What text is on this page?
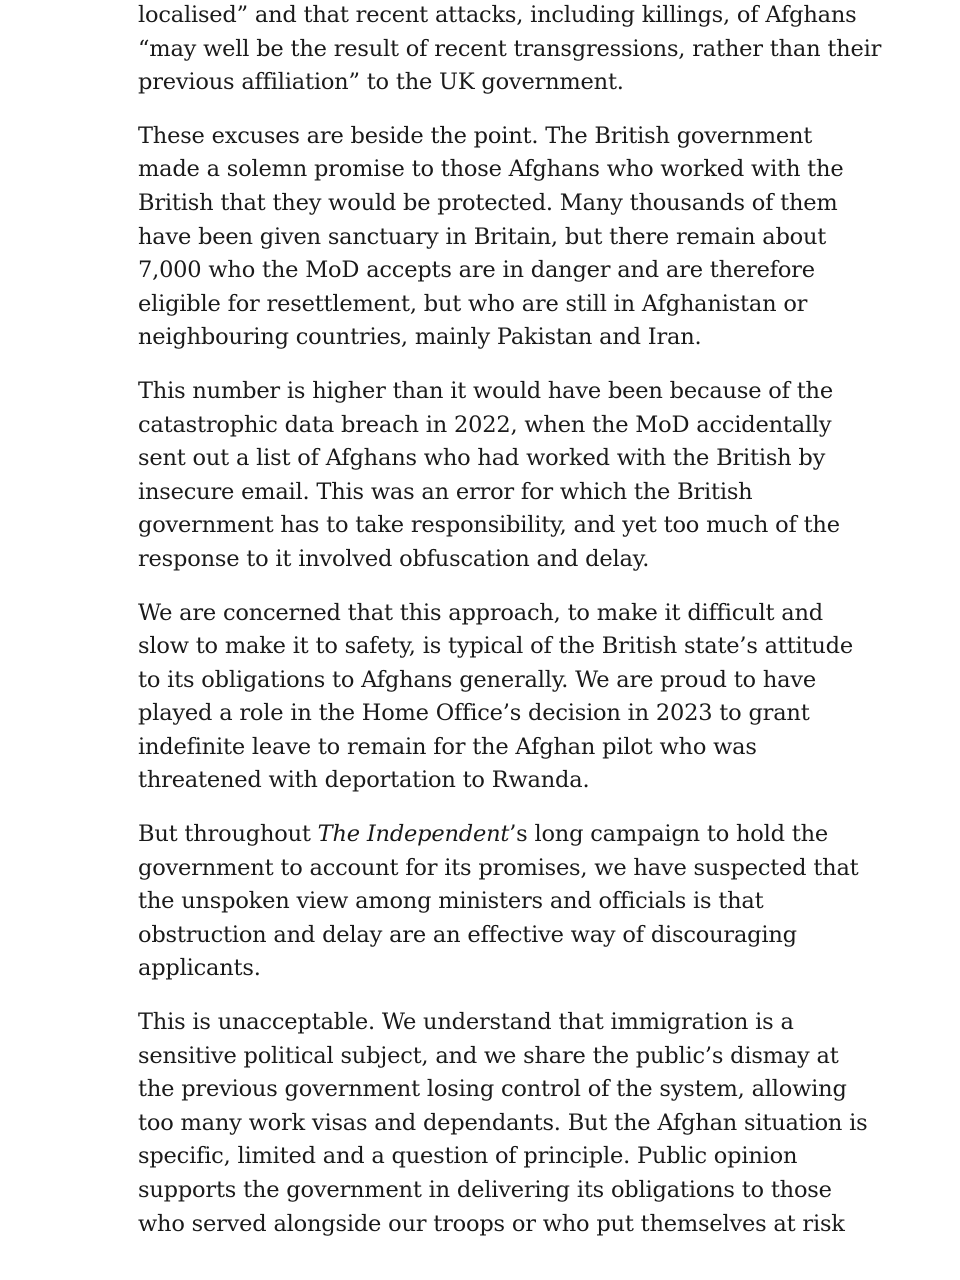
localised” and that recent attacks, including killings, of Afghans
“may well be the result of recent transgressions, rather than their
previous affiliation” to the UK government.

These excuses are beside the point. The British government
made a solemn promise to those Afghans who worked with the
British that they would be protected. Many thousands of them
have been given sanctuary in Britain, but there remain about
7,000 who the MoD accepts are in danger and are therefore
eligible for resettlement, but who are still in Afghanistan or
neighbouring countries, mainly Pakistan and Iran.

This number is higher than it would have been because of the
catastrophic data breach in 2022, when the MoD accidentally
sent out a list of Afghans who had worked with the British by
insecure email. This was an error for which the British
government has to take responsibility, and yet too much of the
response to it involved obfuscation and delay.

We are concerned that this approach, to make it difficult and
slow to make it to safety, is typical of the British state’s attitude
to its obligations to Afghans generally. We are proud to have
played a role in the Home Office’s decision in 2023 to grant
indefinite leave to remain for the Afghan pilot who was
threatened with deportation to Rwanda.

But throughout The Independent’s long campaign to hold the
government to account for its promises, we have suspected that
the unspoken view among ministers and officials is that
obstruction and delay are an effective way of discouraging
applicants.

This is unacceptable. We understand that immigration is a
sensitive political subject, and we share the public’s dismay at
the previous government losing control of the system, allowing
too many work visas and dependants. But the Afghan situation is
specific, limited and a question of principle. Public opinion
supports the government in delivering its obligations to those
who served alongside our troops or who put themselves at risk
